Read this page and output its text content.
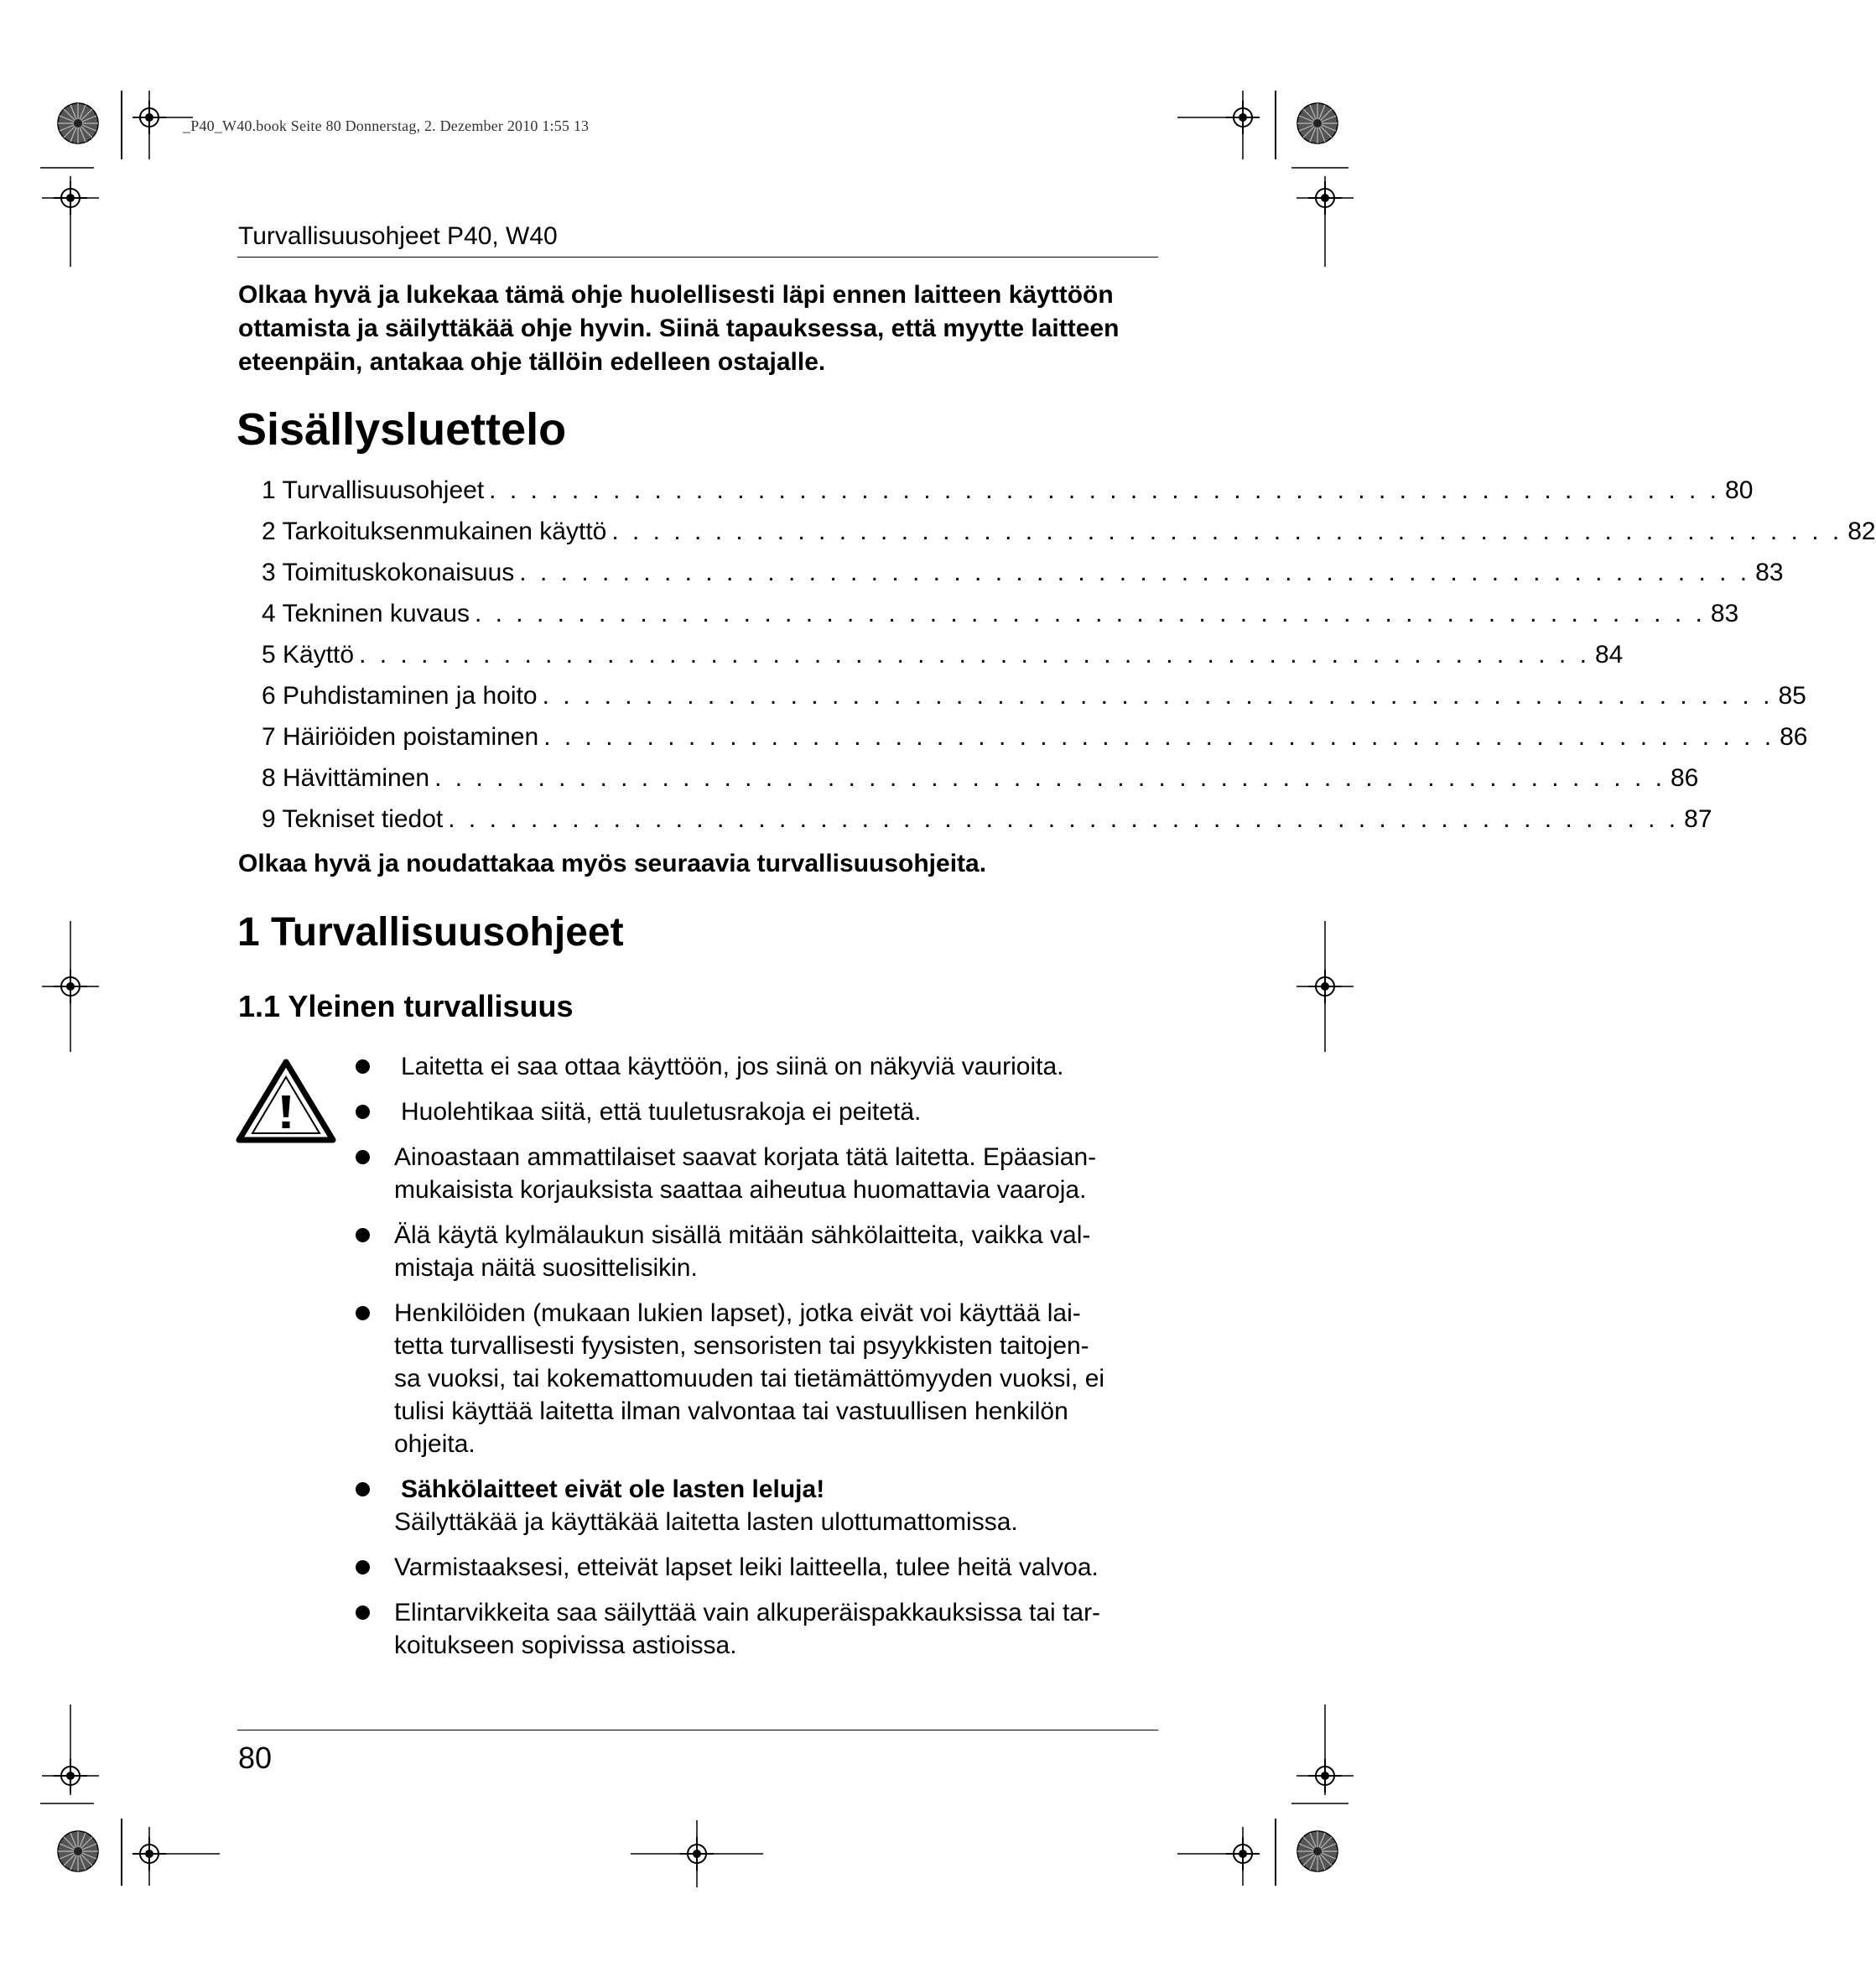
_P40_W40.book Seite 80 Donnerstag, 2. Dezember 2010 1:55 13
Turvallisuusohjeet P40, W40

Olkaa hyvä ja lukekaa tämä ohje huolellisesti läpi ennen laitteen käyttöön ottamista ja säilyttäkää ohje hyvin. Siinä tapauksessa, että myytte laitteen eteenpäin, antakaa ohje tällöin edelleen ostajalle.

Sisällysluettelo
1 Turvallisuusohjeet . . . . . . . . . . . . . . . . . . . . . . . . . . . . . . . . . . . . . . . . . . . . . . . . . . . . . . . . . . . . 80
2 Tarkoituksenmukainen käyttö . . . . . . . . . . . . . . . . . . . . . . . . . . . . . . . . . . . . . . . . . . . . . . . . . . . . . . . . . . . . 82
3 Toimituskokonaisuus . . . . . . . . . . . . . . . . . . . . . . . . . . . . . . . . . . . . . . . . . . . . . . . . . . . . . . . . . . . . 83
4 Tekninen kuvaus . . . . . . . . . . . . . . . . . . . . . . . . . . . . . . . . . . . . . . . . . . . . . . . . . . . . . . . . . . . . 83
5 Käyttö . . . . . . . . . . . . . . . . . . . . . . . . . . . . . . . . . . . . . . . . . . . . . . . . . . . . . . . . . . . . 84
6 Puhdistaminen ja hoito . . . . . . . . . . . . . . . . . . . . . . . . . . . . . . . . . . . . . . . . . . . . . . . . . . . . . . . . . . . . 85
7 Häiriöiden poistaminen . . . . . . . . . . . . . . . . . . . . . . . . . . . . . . . . . . . . . . . . . . . . . . . . . . . . . . . . . . . . 86
8 Hävittäminen . . . . . . . . . . . . . . . . . . . . . . . . . . . . . . . . . . . . . . . . . . . . . . . . . . . . . . . . . . . . 86
9 Tekniset tiedot . . . . . . . . . . . . . . . . . . . . . . . . . . . . . . . . . . . . . . . . . . . . . . . . . . . . . . . . . . . . 87

Olkaa hyvä ja noudattakaa myös seuraavia turvallisuusohjeita.

1 Turvallisuusohjeet
1.1 Yleinen turvallisuus
Laitetta ei saa ottaa käyttöön, jos siinä on näkyviä vaurioita.
Huolehtikaa siitä, että tuuletusrakoja ei peitetä.
Ainoastaan ammattilaiset saavat korjata tätä laitetta. Epäasian-
mukaisista korjauksista saattaa aiheutua huomattavia vaaroja.
Älä käytä kylmälaukun sisällä mitään sähkölaitteita, vaikka val-
mistaja näitä suosittelisikin.
Henkilöiden (mukaan lukien lapset), jotka eivät voi käyttää lai-
tetta turvallisesti fyysisten, sensoristen tai psyykkisten taitojen-
sa vuoksi, tai kokemattomuuden tai tietämättömyyden vuoksi, ei
tulisi käyttää laitetta ilman valvontaa tai vastuullisen henkilön
ohjeita.
Sähkölaitteet eivät ole lasten leluja!
Säilyttäkää ja käyttäkää laitetta lasten ulottumattomissa.
Varmistaaksesi, etteivät lapset leiki laitteella, tulee heitä valvoa.
Elintarvikkeita saa säilyttää vain alkuperäispakkauksissa tai tar-
koitukseen sopivissa astioissa.
80
